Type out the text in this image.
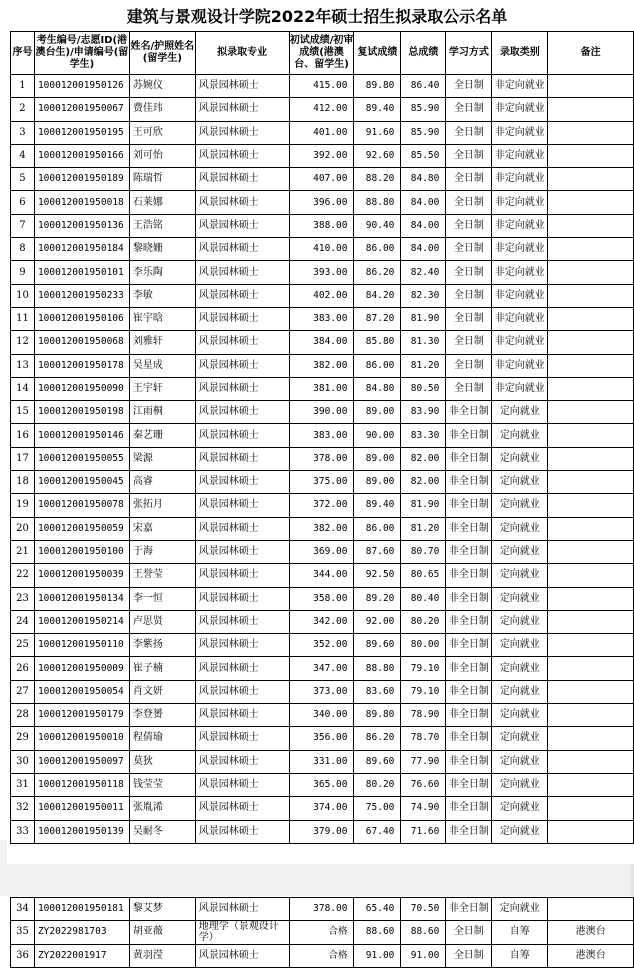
建筑与景观设计学院2022年硕士招生拟录取公示名单
序号	考生编号/志愿ID(港澳台生)/申请编号(留学生)	姓名/护照姓名(留学生)	拟录取专业	初试成绩/初审成绩(港澳台、留学生)	复试成绩	总成绩	学习方式	录取类别	备注
1	100012001950126	苏婉仪	风景园林硕士	415.00	89.80	86.40	全日制	非定向就业	
2	100012001950067	费佳玮	风景园林硕士	412.00	89.40	85.90	全日制	非定向就业	
3	100012001950195	王可欣	风景园林硕士	401.00	91.60	85.90	全日制	非定向就业	
4	100012001950166	刘可怡	风景园林硕士	392.00	92.60	85.50	全日制	非定向就业	
5	100012001950189	陈瑞哲	风景园林硕士	407.00	88.20	84.80	全日制	非定向就业	
6	100012001950018	石莱娜	风景园林硕士	396.00	88.80	84.00	全日制	非定向就业	
7	100012001950136	王浩铭	风景园林硕士	388.00	90.40	84.00	全日制	非定向就业	
8	100012001950184	黎晓姗	风景园林硕士	410.00	86.00	84.00	全日制	非定向就业	
9	100012001950101	李乐陶	风景园林硕士	393.00	86.20	82.40	全日制	非定向就业	
10	100012001950233	李敏	风景园林硕士	402.00	84.20	82.30	全日制	非定向就业	
11	100012001950106	崔宇晗	风景园林硕士	383.00	87.20	81.90	全日制	非定向就业	
12	100012001950068	刘雅轩	风景园林硕士	384.00	85.80	81.30	全日制	非定向就业	
13	100012001950178	吴星成	风景园林硕士	382.00	86.00	81.20	全日制	非定向就业	
14	100012001950090	王宇轩	风景园林硕士	381.00	84.80	80.50	全日制	非定向就业	
15	100012001950198	江雨桐	风景园林硕士	390.00	89.00	83.90	非全日制	定向就业	
16	100012001950146	秦艺珊	风景园林硕士	383.00	90.00	83.30	非全日制	定向就业	
17	100012001950055	梁源	风景园林硕士	378.00	89.00	82.00	非全日制	定向就业	
18	100012001950045	高睿	风景园林硕士	375.00	89.00	82.00	非全日制	定向就业	
19	100012001950078	张拓月	风景园林硕士	372.00	89.40	81.90	非全日制	定向就业	
20	100012001950059	宋嘉	风景园林硕士	382.00	86.00	81.20	非全日制	定向就业	
21	100012001950100	于海	风景园林硕士	369.00	87.60	80.70	非全日制	定向就业	
22	100012001950039	王誉莹	风景园林硕士	344.00	92.50	80.65	非全日制	定向就业	
23	100012001950134	李一恒	风景园林硕士	358.00	89.20	80.40	非全日制	定向就业	
24	100012001950214	卢思贤	风景园林硕士	342.00	92.00	80.20	非全日制	定向就业	
25	100012001950110	李紫扬	风景园林硕士	352.00	89.60	80.00	非全日制	定向就业	
26	100012001950009	崔子楠	风景园林硕士	347.00	88.80	79.10	非全日制	定向就业	
27	100012001950054	肖文妍	风景园林硕士	373.00	83.60	79.10	非全日制	定向就业	
28	100012001950179	李登赟	风景园林硕士	340.00	89.80	78.90	非全日制	定向就业	
29	100012001950010	程倩瑜	风景园林硕士	356.00	86.20	78.70	非全日制	定向就业	
30	100012001950097	莫狄	风景园林硕士	331.00	89.60	77.90	非全日制	定向就业	
31	100012001950118	钱莹莹	风景园林硕士	365.00	80.20	76.60	非全日制	定向就业	
32	100012001950011	张胤浠	风景园林硕士	374.00	75.00	74.90	非全日制	定向就业	
33	100012001950139	吴耐冬	风景园林硕士	379.00	67.40	71.60	非全日制	定向就业	
34	100012001950181	黎艾梦	风景园林硕士	378.00	65.40	70.50	非全日制	定向就业	
35	ZY2022981703	胡亚薇	地理学（景观设计学）	合格	88.60	88.60	全日制	自筹	港澳台
36	ZY2022001917	黄羽滢	风景园林硕士	合格	91.00	91.00	全日制	自筹	港澳台
